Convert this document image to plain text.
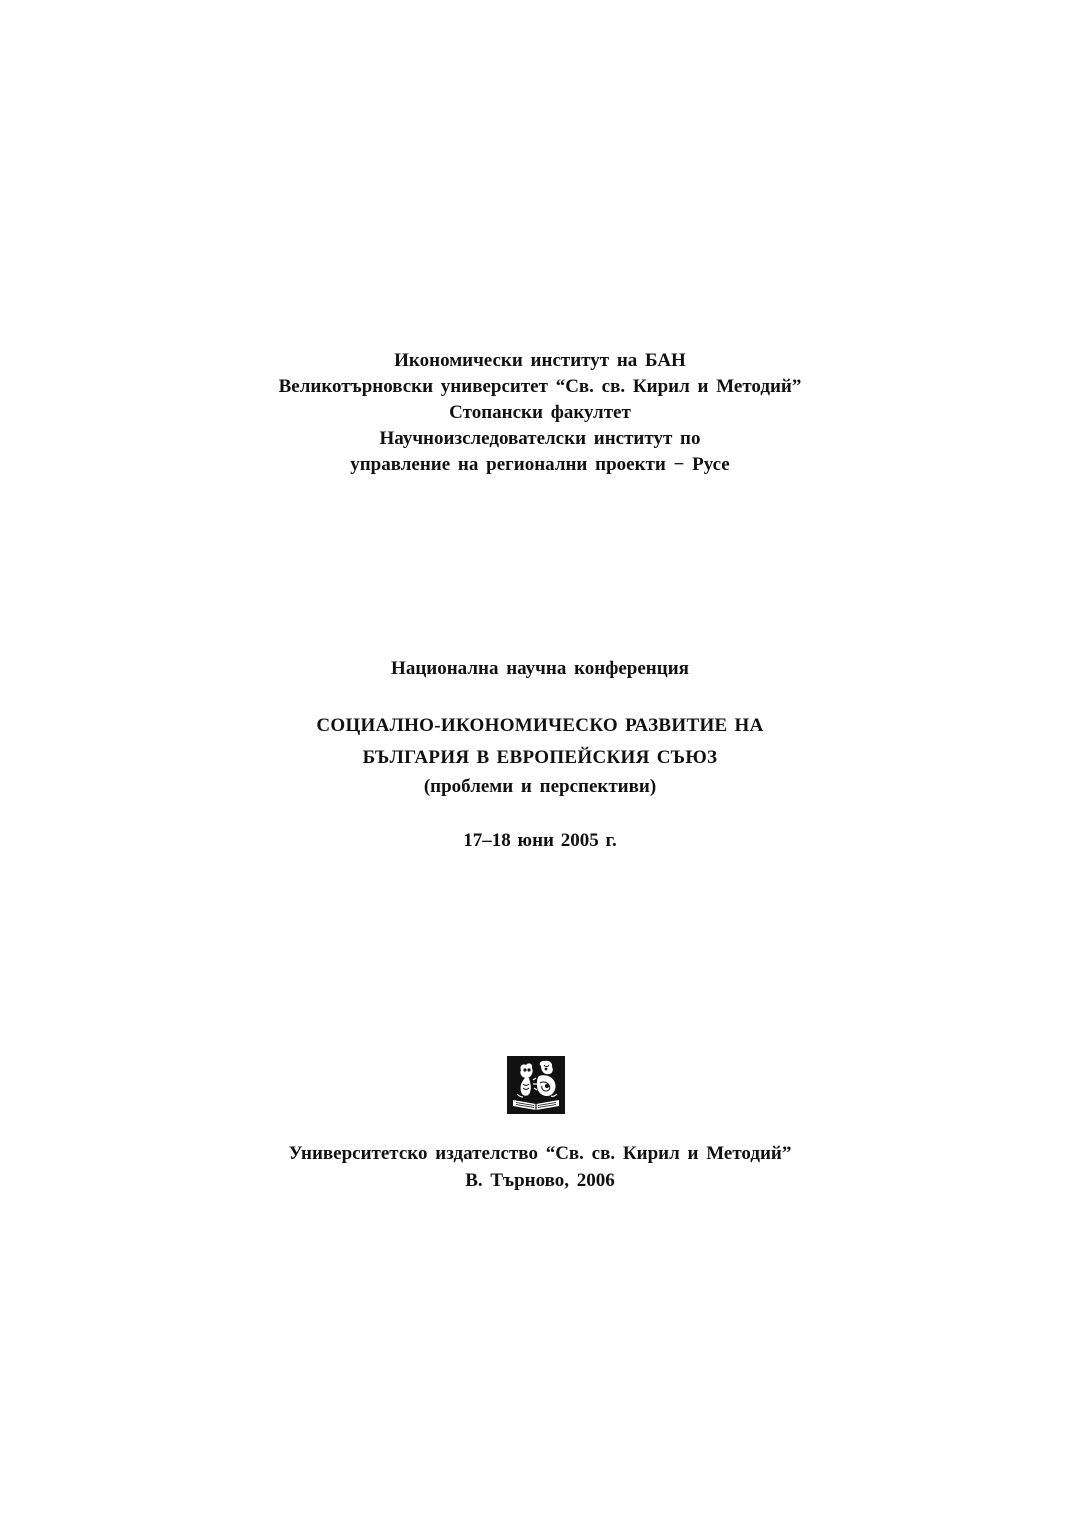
Икономически институт на БАН
Великотърновски университет “Св. св. Кирил и Методий”
Стопански факултет
Научноизследователски институт по
управление на регионални проекти − Русе
Национална научна конференция
СОЦИАЛНО-ИКОНОМИЧЕСКО РАЗВИТИЕ НА
БЪЛГАРИЯ В ЕВРОПЕЙСКИЯ СЪЮЗ
(проблеми и перспективи)
17–18 юни 2005 г.
Университетско издателство “Св. св. Кирил и Методий”
В. Търново, 2006
